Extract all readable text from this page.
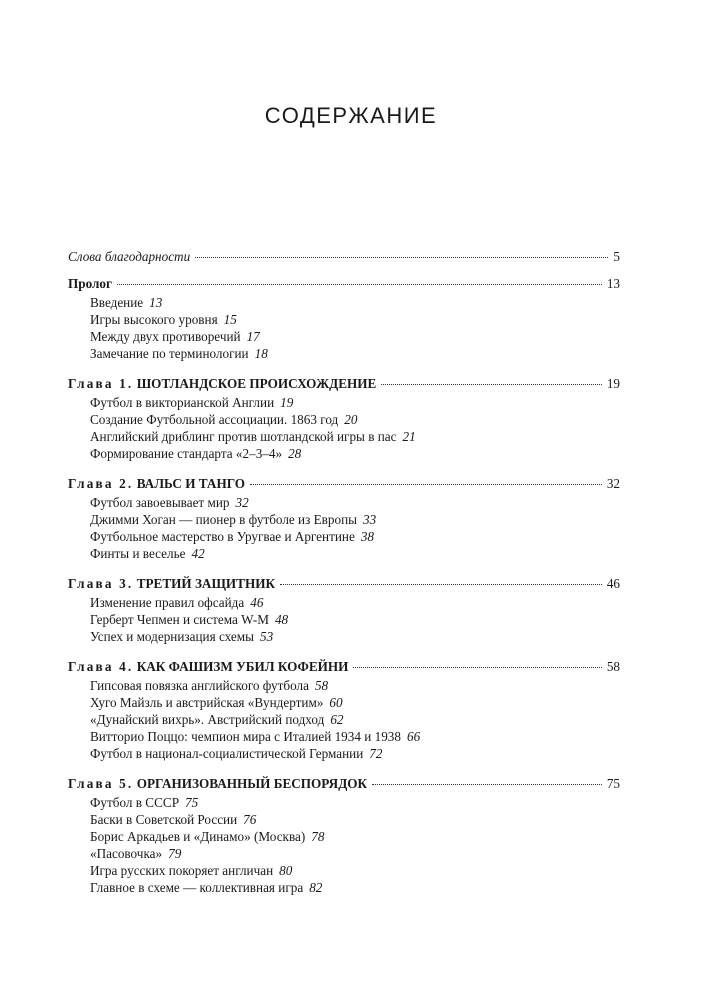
СОДЕРЖАНИЕ
Слова благодарности	5
Пролог	13
Введение 13
Игры высокого уровня 15
Между двух противоречий 17
Замечание по терминологии 18
Глава 1. ШОТЛАНДСКОЕ ПРОИСХОЖДЕНИЕ	19
Футбол в викторианской Англии 19
Создание Футбольной ассоциации. 1863 год 20
Английский дриблинг против шотландской игры в пас 21
Формирование стандарта «2–3–4» 28
Глава 2. ВАЛЬС И ТАНГО	32
Футбол завоевывает мир 32
Джимми Хоган — пионер в футболе из Европы 33
Футбольное мастерство в Уругвае и Аргентине 38
Финты и веселье 42
Глава 3. ТРЕТИЙ ЗАЩИТНИК	46
Изменение правил офсайда 46
Герберт Чепмен и система W-M 48
Успех и модернизация схемы 53
Глава 4. КАК ФАШИЗМ УБИЛ КОФЕЙНИ	58
Гипсовая повязка английского футбола 58
Хуго Майзль и австрийская «Вундертим» 60
«Дунайский вихрь». Австрийский подход 62
Витторио Поццо: чемпион мира с Италией 1934 и 1938 66
Футбол в национал-социалистической Германии 72
Глава 5. ОРГАНИЗОВАННЫЙ БЕСПОРЯДОК	75
Футбол в СССР 75
Баски в Советской России 76
Борис Аркадьев и «Динамо» (Москва) 78
«Пасовочка» 79
Игра русских покоряет англичан 80
Главное в схеме — коллективная игра 82
